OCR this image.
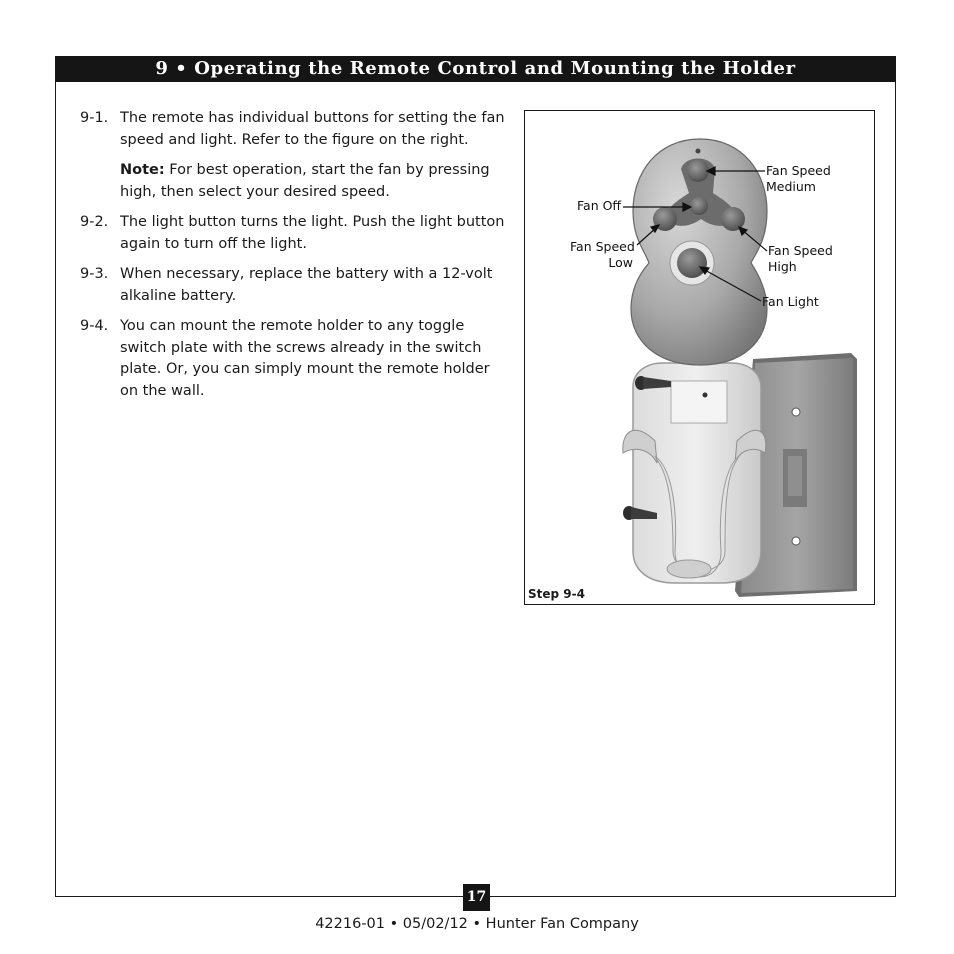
9 • Operating the Remote Control and Mounting the Holder
9-1. The remote has individual buttons for setting the fan speed and light. Refer to the figure on the right.
Note: For best operation, start the fan by pressing high, then select your desired speed.
9-2. The light button turns the light. Push the light button again to turn off the light.
9-3. When necessary, replace the battery with a 12-volt alkaline battery.
9-4. You can mount the remote holder to any toggle switch plate with the screws already in the switch plate. Or, you can simply mount the remote holder on the wall.
Fan Speed
Medium
Fan Off
Fan Speed
Low
Fan Speed
High
Fan Light
Step 9-4
17
42216-01 • 05/02/12 • Hunter Fan Company
